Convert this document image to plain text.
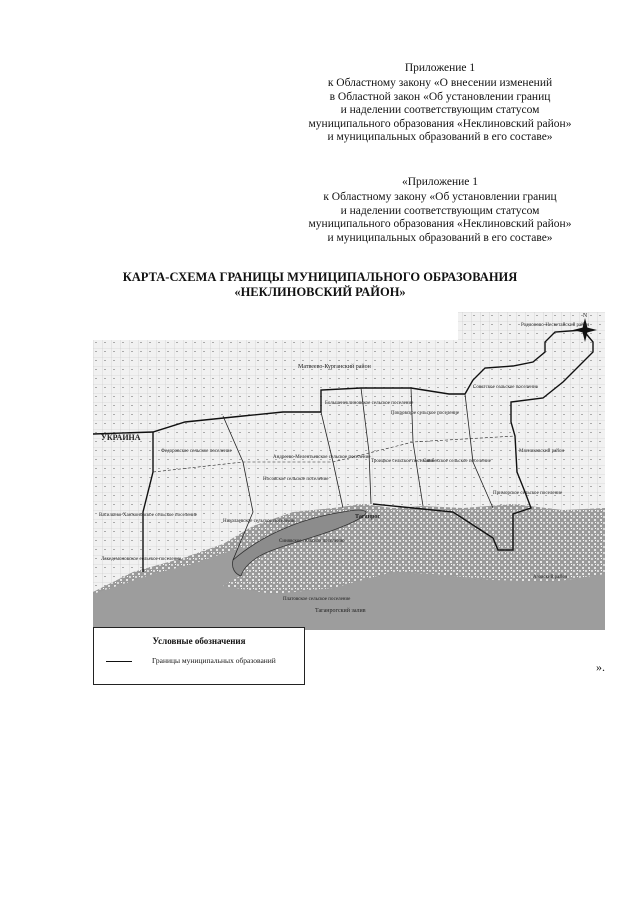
Приложение 1
к Областному закону «О внесении изменений
в Областной закон «Об установлении границ
и наделении соответствующим статусом
муниципального образования «Неклиновский район»
и муниципальных образований в его составе»
«Приложение 1
к Областному закону «Об установлении границ
и наделении соответствующим статусом
муниципального образования «Неклиновский район»
и муниципальных образований в его составе»
КАРТА-СХЕМА ГРАНИЦЫ МУНИЦИПАЛЬНОГО ОБРАЗОВАНИЯ
«НЕКЛИНОВСКИЙ РАЙОН»
N
УКРАИНА
Матвеево-Курганский район
Родионово-Несветайский район
Большенеклиновское сельское поселение
Покровское сельское поселение
Советское сельское поселение
Федоровское сельское поселение
Андреево-Мелентьевское сельское поселение
Троицкое сельское поселение
Носовское сельское поселение
Самбекское сельское поселение
Мясниковский район
Васильево-Ханжоновское сельское поселение
Николаевское сельское поселение
Лакедемоновское сельское поселение
Синявское сельское поселение
Приморское сельское поселение
Платовское сельское поселение
Таганрог
Азовский район
Таганрогский залив
Условные обозначения
Границы муниципальных образований	».
